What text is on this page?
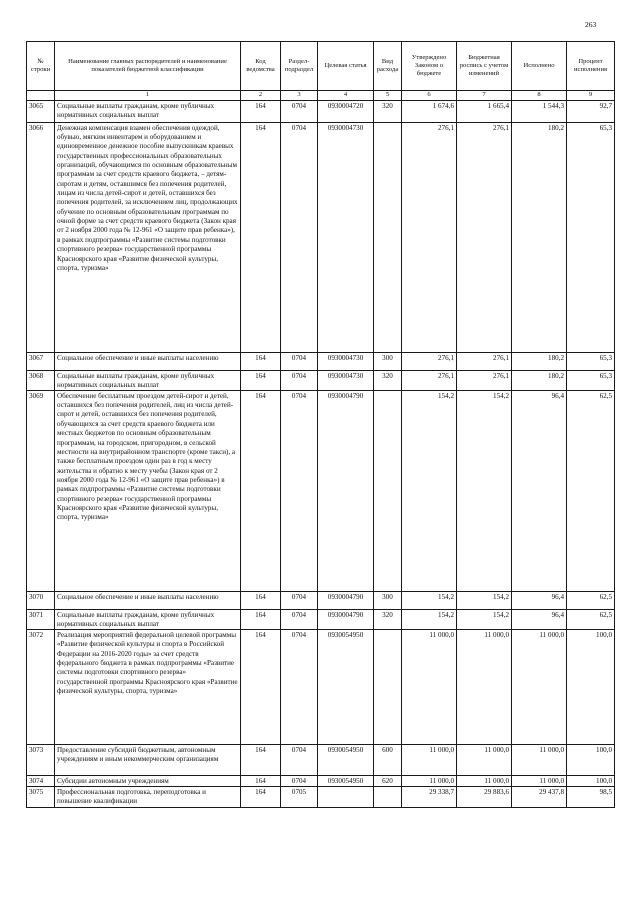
263
№ строки	Наименование главных распорядителей и наименование показателей бюджетной классификации	Код ведомства	Раздел-подраздел	Целевая статья	Вид расхода	Утверждено Законом о бюджете	Бюджетная роспись с учетом изменений	Исполнено	Процент исполнения
	1	2	3	4	5	6	7	8	9
3065	Социальные выплаты гражданам, кроме публичных нормативных социальных выплат	164	0704	0930004720	320	1 674,6	1 665,4	1 544,3	92,7
3066	Денежная компенсация взамен обеспечения одеждой, обувью, мягким инвентарем и оборудованием и единовременное денежное пособие выпускникам краевых государственных профессиональных образовательных организаций, обучающимся по основным образовательным программам за счет средств краевого бюджета, – детям-сиротам и детям, оставшимся без попечения родителей, лицам из числа детей-сирот и детей, оставшихся без попечения родителей, за исключением лиц, продолжающих обучение по основным образовательным программам по очной форме за счет средств краевого бюджета (Закон края от 2 ноября 2000 года № 12-961 «О защите прав ребенка»), в рамках подпрограммы «Развитие системы подготовки спортивного резерва» государственной программы Красноярского края «Развитие физической культуры, спорта, туризма»	164	0704	0930004730		276,1	276,1	180,2	65,3
3067	Социальное обеспечение и иные выплаты населению	164	0704	0930004730	300	276,1	276,1	180,2	65,3
3068	Социальные выплаты гражданам, кроме публичных нормативных социальных выплат	164	0704	0930004730	320	276,1	276,1	180,2	65,3
3069	Обеспечение бесплатным проездом детей-сирот и детей, оставшихся без попечения родителей, лиц из числа детей-сирот и детей, оставшихся без попечения родителей, обучающихся за счет средств краевого бюджета или местных бюджетов по основным образовательным программам, на городском, пригородном, в сельской местности на внутрирайонном транспорте (кроме такси), а также бесплатным проездом один раз в год к месту жительства и обратно к месту учебы (Закон края от 2 ноября 2000 года № 12-961 «О защите прав ребенка») в рамках подпрограммы «Развитие системы подготовки спортивного резерва» государственной программы Красноярского края «Развитие физической культуры, спорта, туризма»	164	0704	0930004790		154,2	154,2	96,4	62,5
3070	Социальное обеспечение и иные выплаты населению	164	0704	0930004790	300	154,2	154,2	96,4	62,5
3071	Социальные выплаты гражданам, кроме публичных нормативных социальных выплат	164	0704	0930004790	320	154,2	154,2	96,4	62,5
3072	Реализация мероприятий федеральной целевой программы «Развитие физической культуры и спорта в Российской Федерации на 2016-2020 годы» за счет средств федерального бюджета в рамках подпрограммы «Развитие системы подготовки спортивного резерва» государственной программы Красноярского края «Развитие физической культуры, спорта, туризма»	164	0704	0930054950		11 000,0	11 000,0	11 000,0	100,0
3073	Предоставление субсидий бюджетным, автономным учреждениям и иным некоммерческим организациям	164	0704	0930054950	600	11 000,0	11 000,0	11 000,0	100,0
3074	Субсидии автономным учреждениям	164	0704	0930054950	620	11 000,0	11 000,0	11 000,0	100,0
3075	Профессиональная подготовка, переподготовка и повышение квалификации	164	0705			29 338,7	29 883,6	29 437,8	98,5
